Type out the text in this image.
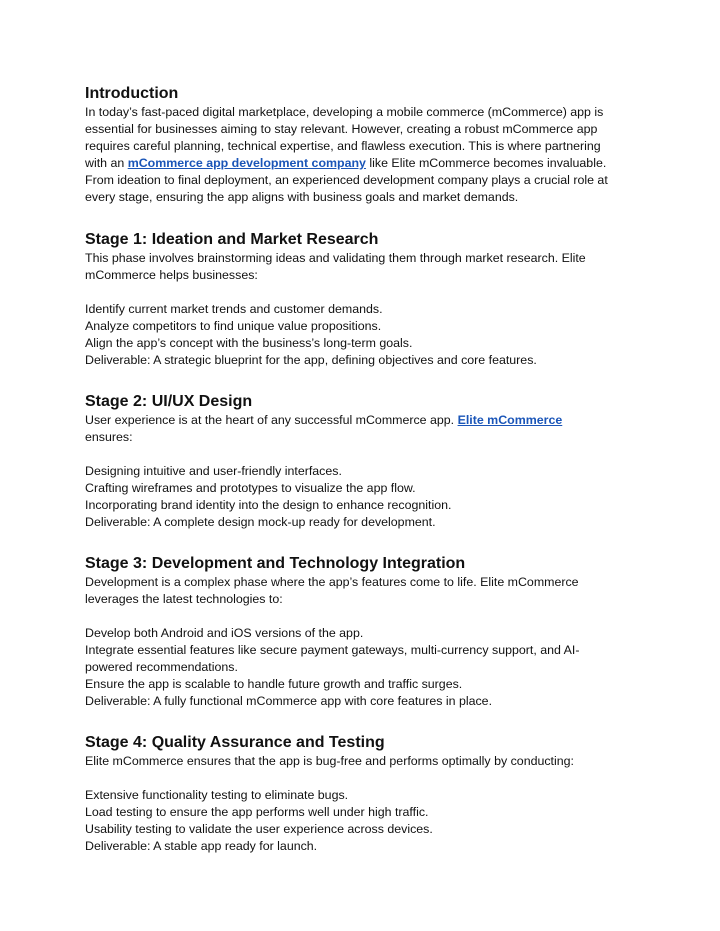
Introduction
In today’s fast-paced digital marketplace, developing a mobile commerce (mCommerce) app is
essential for businesses aiming to stay relevant. However, creating a robust mCommerce app
requires careful planning, technical expertise, and flawless execution. This is where partnering
with an mCommerce app development company like Elite mCommerce becomes invaluable.
From ideation to final deployment, an experienced development company plays a crucial role at
every stage, ensuring the app aligns with business goals and market demands.
Stage 1: Ideation and Market Research
This phase involves brainstorming ideas and validating them through market research. Elite
mCommerce helps businesses:
Identify current market trends and customer demands.
Analyze competitors to find unique value propositions.
Align the app’s concept with the business’s long-term goals.
Deliverable: A strategic blueprint for the app, defining objectives and core features.
Stage 2: UI/UX Design
User experience is at the heart of any successful mCommerce app. Elite mCommerce
ensures:
Designing intuitive and user-friendly interfaces.
Crafting wireframes and prototypes to visualize the app flow.
Incorporating brand identity into the design to enhance recognition.
Deliverable: A complete design mock-up ready for development.
Stage 3: Development and Technology Integration
Development is a complex phase where the app’s features come to life. Elite mCommerce
leverages the latest technologies to:
Develop both Android and iOS versions of the app.
Integrate essential features like secure payment gateways, multi-currency support, and AI-
powered recommendations.
Ensure the app is scalable to handle future growth and traffic surges.
Deliverable: A fully functional mCommerce app with core features in place.
Stage 4: Quality Assurance and Testing
Elite mCommerce ensures that the app is bug-free and performs optimally by conducting:
Extensive functionality testing to eliminate bugs.
Load testing to ensure the app performs well under high traffic.
Usability testing to validate the user experience across devices.
Deliverable: A stable app ready for launch.
